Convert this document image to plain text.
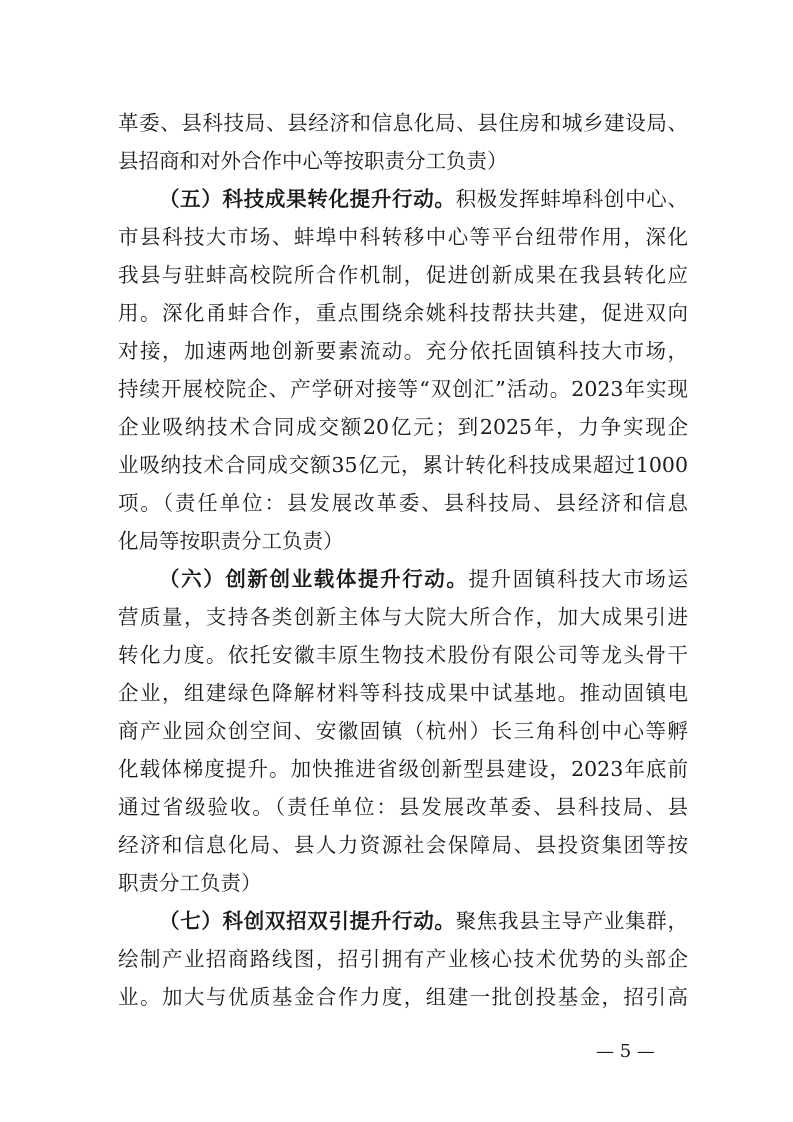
革委、县科技局、县经济和信息化局、县住房和城乡建设局、
县招商和对外合作中心等按职责分工负责）
（五）科技成果转化提升行动。积极发挥蚌埠科创中心、
市县科技大市场、蚌埠中科转移中心等平台纽带作用，深化
我县与驻蚌高校院所合作机制，促进创新成果在我县转化应
用。深化甬蚌合作，重点围绕余姚科技帮扶共建，促进双向
对接，加速两地创新要素流动。充分依托固镇科技大市场，
持续开展校院企、产学研对接等“双创汇”活动。2023年实现
企业吸纳技术合同成交额20亿元；到2025年，力争实现企
业吸纳技术合同成交额35亿元，累计转化科技成果超过1000
项。（责任单位：县发展改革委、县科技局、县经济和信息
化局等按职责分工负责）
（六）创新创业载体提升行动。提升固镇科技大市场运
营质量，支持各类创新主体与大院大所合作，加大成果引进
转化力度。依托安徽丰原生物技术股份有限公司等龙头骨干
企业，组建绿色降解材料等科技成果中试基地。推动固镇电
商产业园众创空间、安徽固镇（杭州）长三角科创中心等孵
化载体梯度提升。加快推进省级创新型县建设，2023年底前
通过省级验收。（责任单位：县发展改革委、县科技局、县
经济和信息化局、县人力资源社会保障局、县投资集团等按
职责分工负责）
（七）科创双招双引提升行动。聚焦我县主导产业集群，
绘制产业招商路线图，招引拥有产业核心技术优势的头部企
业。加大与优质基金合作力度，组建一批创投基金，招引高
— 5 —
